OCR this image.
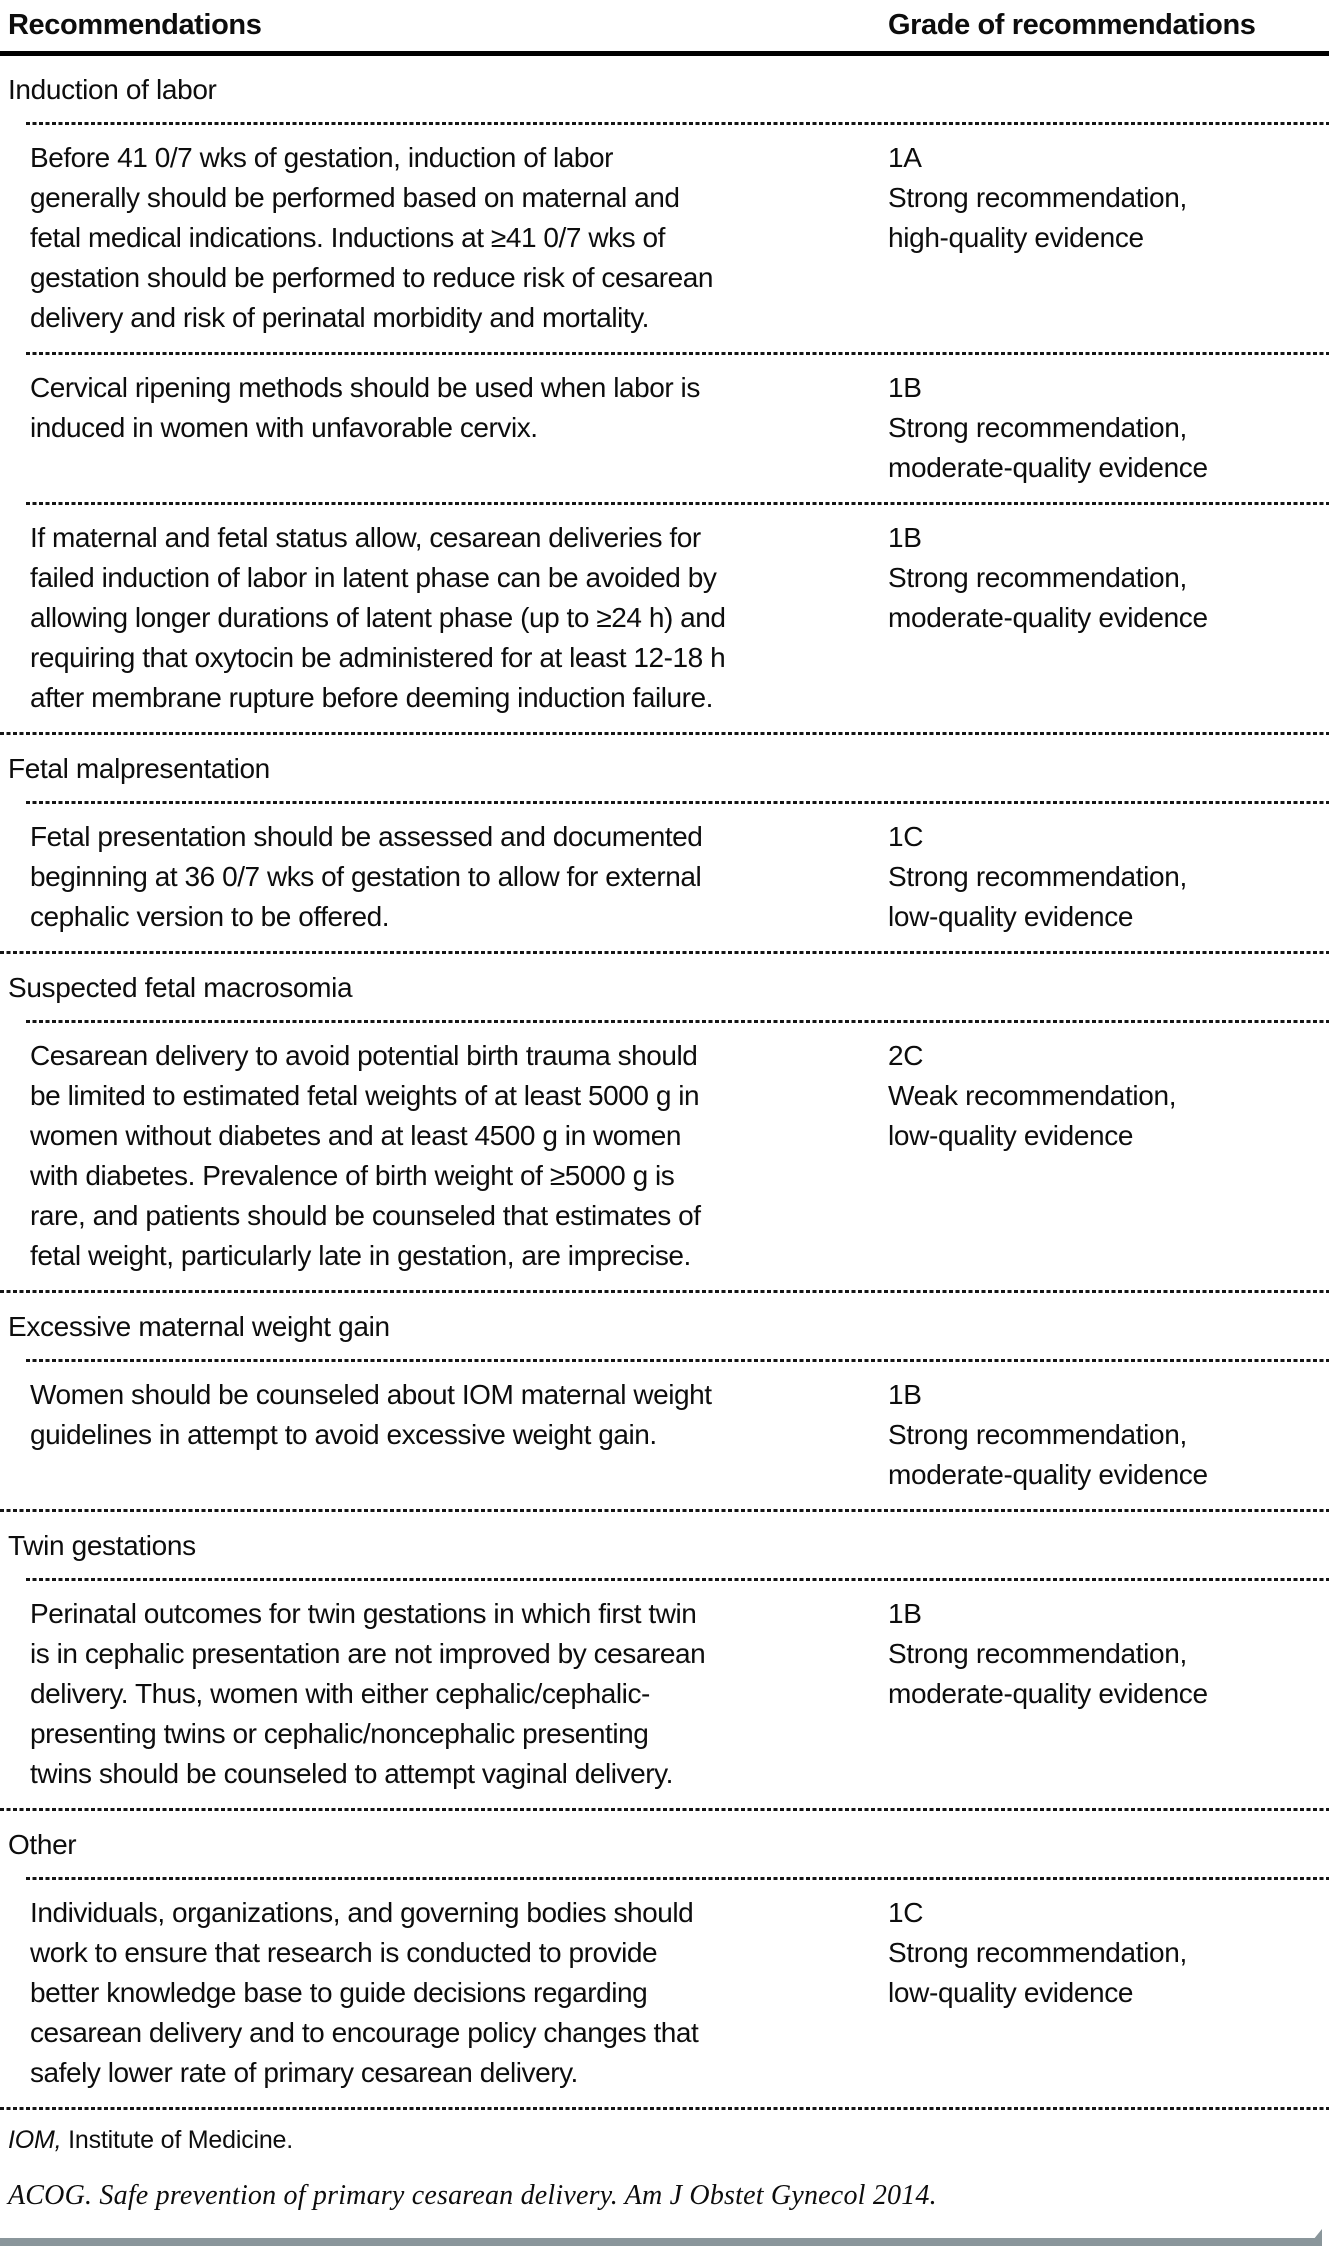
Recommendations	Grade of recommendations
Induction of labor
Before 41 0/7 wks of gestation, induction of labor
generally should be performed based on maternal and
fetal medical indications. Inductions at ≥41 0/7 wks of
gestation should be performed to reduce risk of cesarean
delivery and risk of perinatal morbidity and mortality.
1A
Strong recommendation,
high-quality evidence
Cervical ripening methods should be used when labor is
induced in women with unfavorable cervix.
1B
Strong recommendation,
moderate-quality evidence
If maternal and fetal status allow, cesarean deliveries for
failed induction of labor in latent phase can be avoided by
allowing longer durations of latent phase (up to ≥24 h) and
requiring that oxytocin be administered for at least 12-18 h
after membrane rupture before deeming induction failure.
1B
Strong recommendation,
moderate-quality evidence
Fetal malpresentation
Fetal presentation should be assessed and documented
beginning at 36 0/7 wks of gestation to allow for external
cephalic version to be offered.
1C
Strong recommendation,
low-quality evidence
Suspected fetal macrosomia
Cesarean delivery to avoid potential birth trauma should
be limited to estimated fetal weights of at least 5000 g in
women without diabetes and at least 4500 g in women
with diabetes. Prevalence of birth weight of ≥5000 g is
rare, and patients should be counseled that estimates of
fetal weight, particularly late in gestation, are imprecise.
2C
Weak recommendation,
low-quality evidence
Excessive maternal weight gain
Women should be counseled about IOM maternal weight
guidelines in attempt to avoid excessive weight gain.
1B
Strong recommendation,
moderate-quality evidence
Twin gestations
Perinatal outcomes for twin gestations in which first twin
is in cephalic presentation are not improved by cesarean
delivery. Thus, women with either cephalic/cephalic-
presenting twins or cephalic/noncephalic presenting
twins should be counseled to attempt vaginal delivery.
1B
Strong recommendation,
moderate-quality evidence
Other
Individuals, organizations, and governing bodies should
work to ensure that research is conducted to provide
better knowledge base to guide decisions regarding
cesarean delivery and to encourage policy changes that
safely lower rate of primary cesarean delivery.
1C
Strong recommendation,
low-quality evidence
IOM, Institute of Medicine.
ACOG. Safe prevention of primary cesarean delivery. Am J Obstet Gynecol 2014.
